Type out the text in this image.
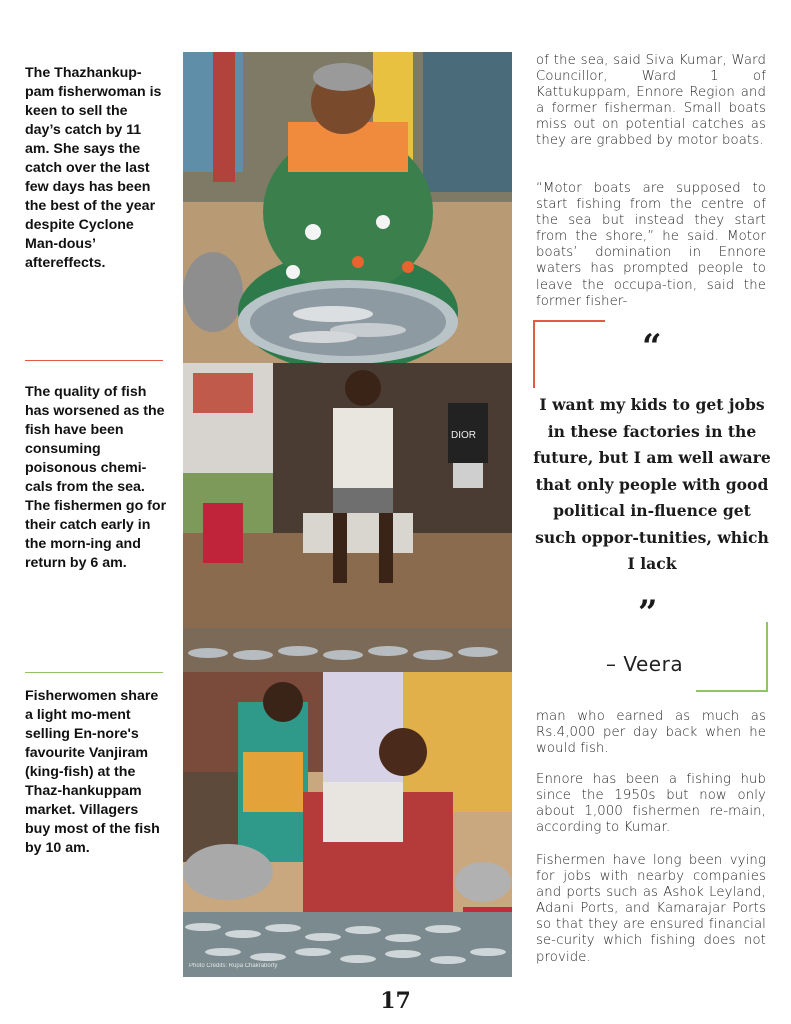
The Thazhankup-pam fisherwoman is keen to sell the day’s catch by 11 am. She says the catch over the last few days has been the best of the year despite Cyclone Man-dous’ aftereffects.

The quality of fish has worsened as the fish have been consuming poisonous chemi-cals from the sea. The fishermen go for their catch early in the morn-ing and return by 6 am.

Fisherwomen share a light mo-ment selling En-nore's favourite Vanjiram (king-fish) at the Thaz-hankuppam market. Villagers buy most of the fish by 10 am.

DIOR
Photo Credits: Rupa Chakraborty

of the sea, said Siva Kumar, Ward Councillor, Ward 1 of Kattukuppam, Ennore Region and a former fisherman. Small boats miss out on potential catches as they are grabbed by motor boats.

“Motor boats are supposed to start fishing from the centre of the sea but instead they start from the shore,” he said. Motor boats’ domination in Ennore waters has prompted people to leave the occupa-tion, said the former fisher-

“

I want my kids to get jobs in these factories in the future, but I am well aware that only people with good political in-fluence get such oppor-tunities, which I lack

”
– Veera

man who earned as much as Rs.4,000 per day back when he would fish.

Ennore has been a fishing hub since the 1950s but now only about 1,000 fishermen re-main, according to Kumar.

Fishermen have long been vying for jobs with nearby companies and ports such as Ashok Leyland, Adani Ports, and Kamarajar Ports so that they are ensured financial se-curity which fishing does not provide.

17
